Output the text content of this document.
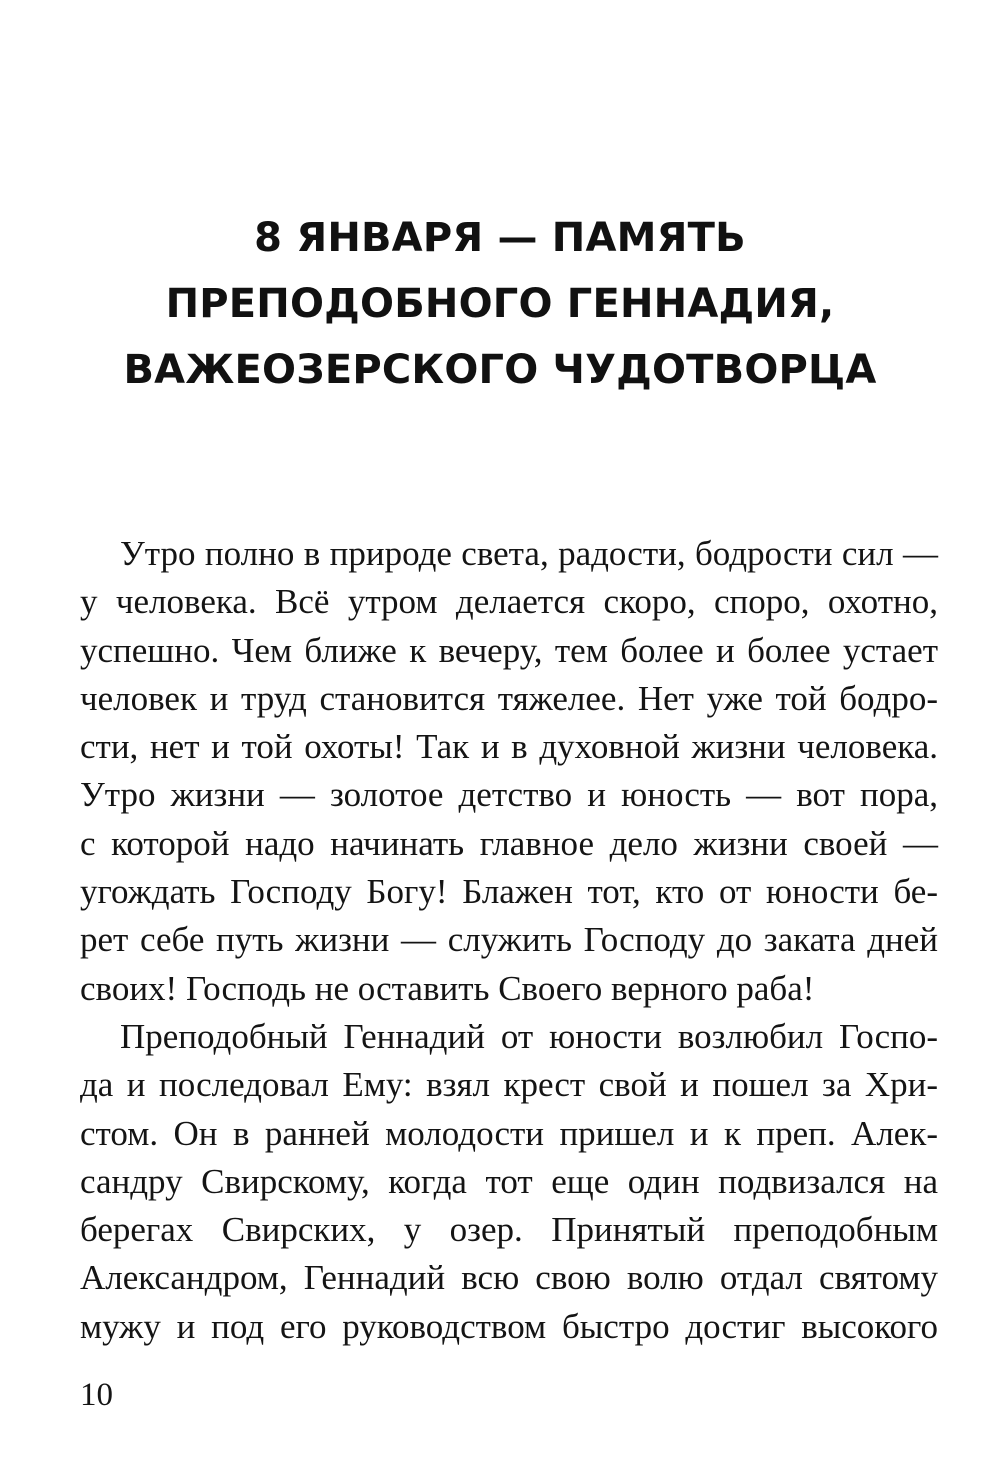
8 ЯНВАРЯ — ПАМЯТЬ
ПРЕПОДОБНОГО ГЕННАДИЯ,
ВАЖЕОЗЕРСКОГО ЧУДОТВОРЦА
Утро полно в природе света, радости, бодрости сил —
у человека. Всё утром делается скоро, споро, охотно,
успешно. Чем ближе к вечеру, тем более и более устает
человек и труд становится тяжелее. Нет уже той бодро-
сти, нет и той охоты! Так и в духовной жизни человека.
Утро жизни — золотое детство и юность — вот пора,
с которой надо начинать главное дело жизни своей —
угождать Господу Богу! Блажен тот, кто от юности бе-
рет себе путь жизни — служить Господу до заката дней
своих! Господь не оставить Своего верного раба!
Преподобный Геннадий от юности возлюбил Госпо-
да и последовал Ему: взял крест свой и пошел за Хри-
стом. Он в ранней молодости пришел и к преп. Алек-
сандру Свирскому, когда тот еще один подвизался на
берегах Свирских, у озер. Принятый преподобным
Александром, Геннадий всю свою волю отдал святому
мужу и под его руководством быстро достиг высокого
10
